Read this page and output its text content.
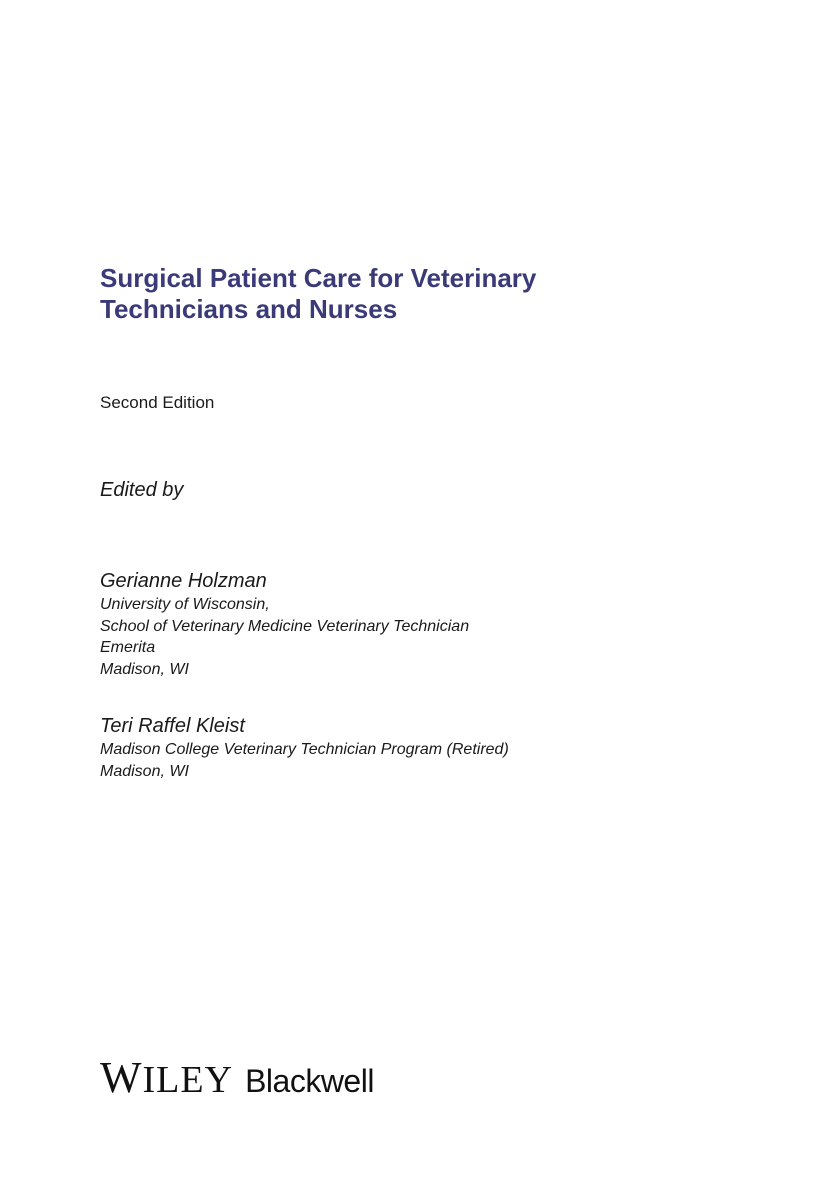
Surgical Patient Care for Veterinary
Technicians and Nurses
Second Edition
Edited by
Gerianne Holzman
University of Wisconsin,
School of Veterinary Medicine Veterinary Technician
Emerita
Madison, WI
Teri Raffel Kleist
Madison College Veterinary Technician Program (Retired)
Madison, WI
WILEY Blackwell
